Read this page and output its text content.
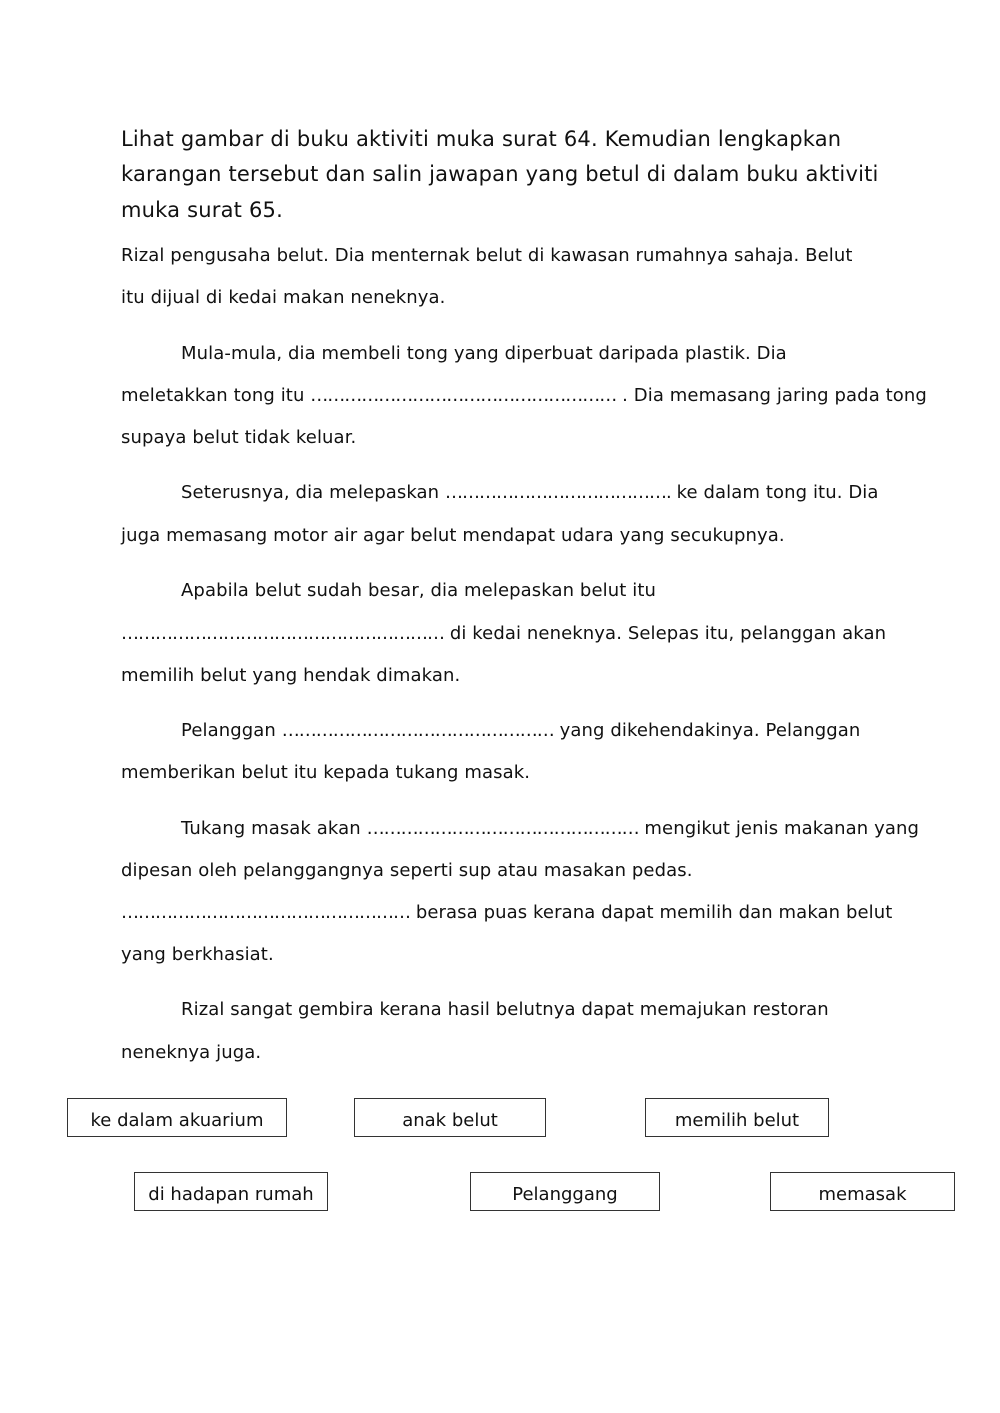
Lihat gambar di buku aktiviti muka surat 64. Kemudian lengkapkan
karangan tersebut dan salin jawapan yang betul di dalam buku aktiviti
muka surat 65.
Rizal pengusaha belut. Dia menternak belut di kawasan rumahnya sahaja. Belut
itu dijual di kedai makan neneknya.
Mula-mula, dia membeli tong yang diperbuat daripada plastik. Dia
meletakkan tong itu ……………………………………………… . Dia memasang jaring pada tong
supaya belut tidak keluar.
Seterusnya, dia melepaskan …………………………………. ke dalam tong itu. Dia
juga memasang motor air agar belut mendapat udara yang secukupnya.
Apabila belut sudah besar, dia melepaskan belut itu
………………………………………………… di kedai neneknya. Selepas itu, pelanggan akan
memilih belut yang hendak dimakan.
Pelanggan ………………………………………… yang dikehendakinya. Pelanggan
memberikan belut itu kepada tukang masak.
Tukang masak akan ………………………………………… mengikut jenis makanan yang
dipesan oleh pelanggangnya seperti sup atau masakan pedas.
…………………………………………… berasa puas kerana dapat memilih dan makan belut
yang berkhasiat.
Rizal sangat gembira kerana hasil belutnya dapat memajukan restoran
neneknya juga.
ke dalam akuarium	anak belut	memilih belut
di hadapan rumah	Pelanggang	memasak
